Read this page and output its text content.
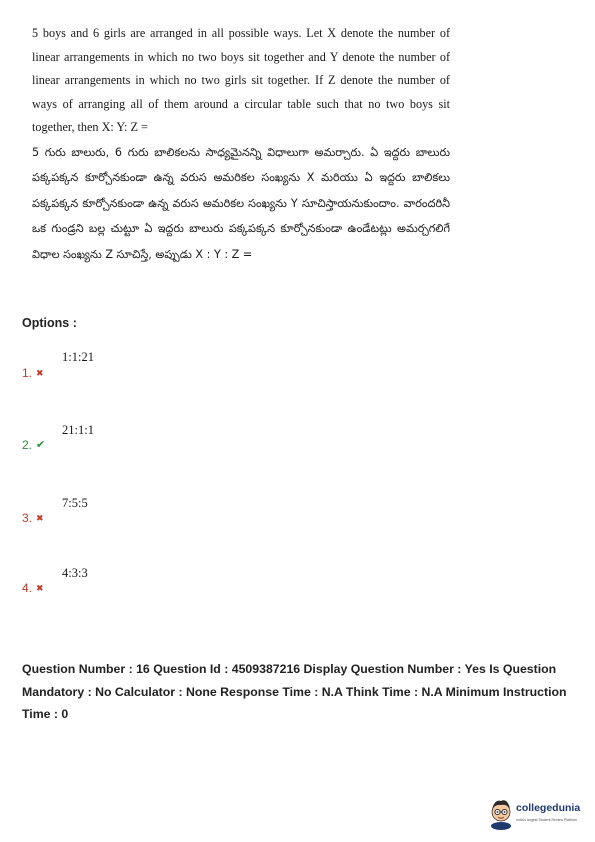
5 boys and 6 girls are arranged in all possible ways. Let X denote the number of linear arrangements in which no two boys sit together and Y denote the number of linear arrangements in which no two girls sit together. If Z denote the number of ways of arranging all of them around a circular table such that no two boys sit together, then X: Y: Z =

5 గురు బాలురు, 6 గురు బాలికలను సాధ్యమైనన్ని విధాలుగా అమర్చారు. ఏ ఇద్దరు బాలురు పక్కపక్కన కూర్చోనకుండా ఉన్న వరుస అమరికల సంఖ్యను X మరియు ఏ ఇద్దరు బాలికలు పక్కపక్కన కూర్చోనకుండా ఉన్న వరుస అమరికల సంఖ్యను Y సూచిస్తాయనుకుందాం. వారందరినీ ఒక గుండ్రని బల్ల చుట్టూ ఏ ఇద్దరు బాలురు పక్కపక్కన కూర్చోనకుండా ఉండేటట్లు అమర్చగలిగే విధాల సంఖ్యను Z సూచిస్తే, అప్పుడు X : Y : Z =

Options :
1:1:21
1. ✖
21:1:1
2. ✔
7:5:5
3. ✖
4:3:3
4. ✖
Question Number : 16 Question Id : 4509387216 Display Question Number : Yes Is Question Mandatory : No Calculator : None Response Time : N.A Think Time : N.A Minimum Instruction Time : 0
collegedunia
India's largest Student Review Platform
